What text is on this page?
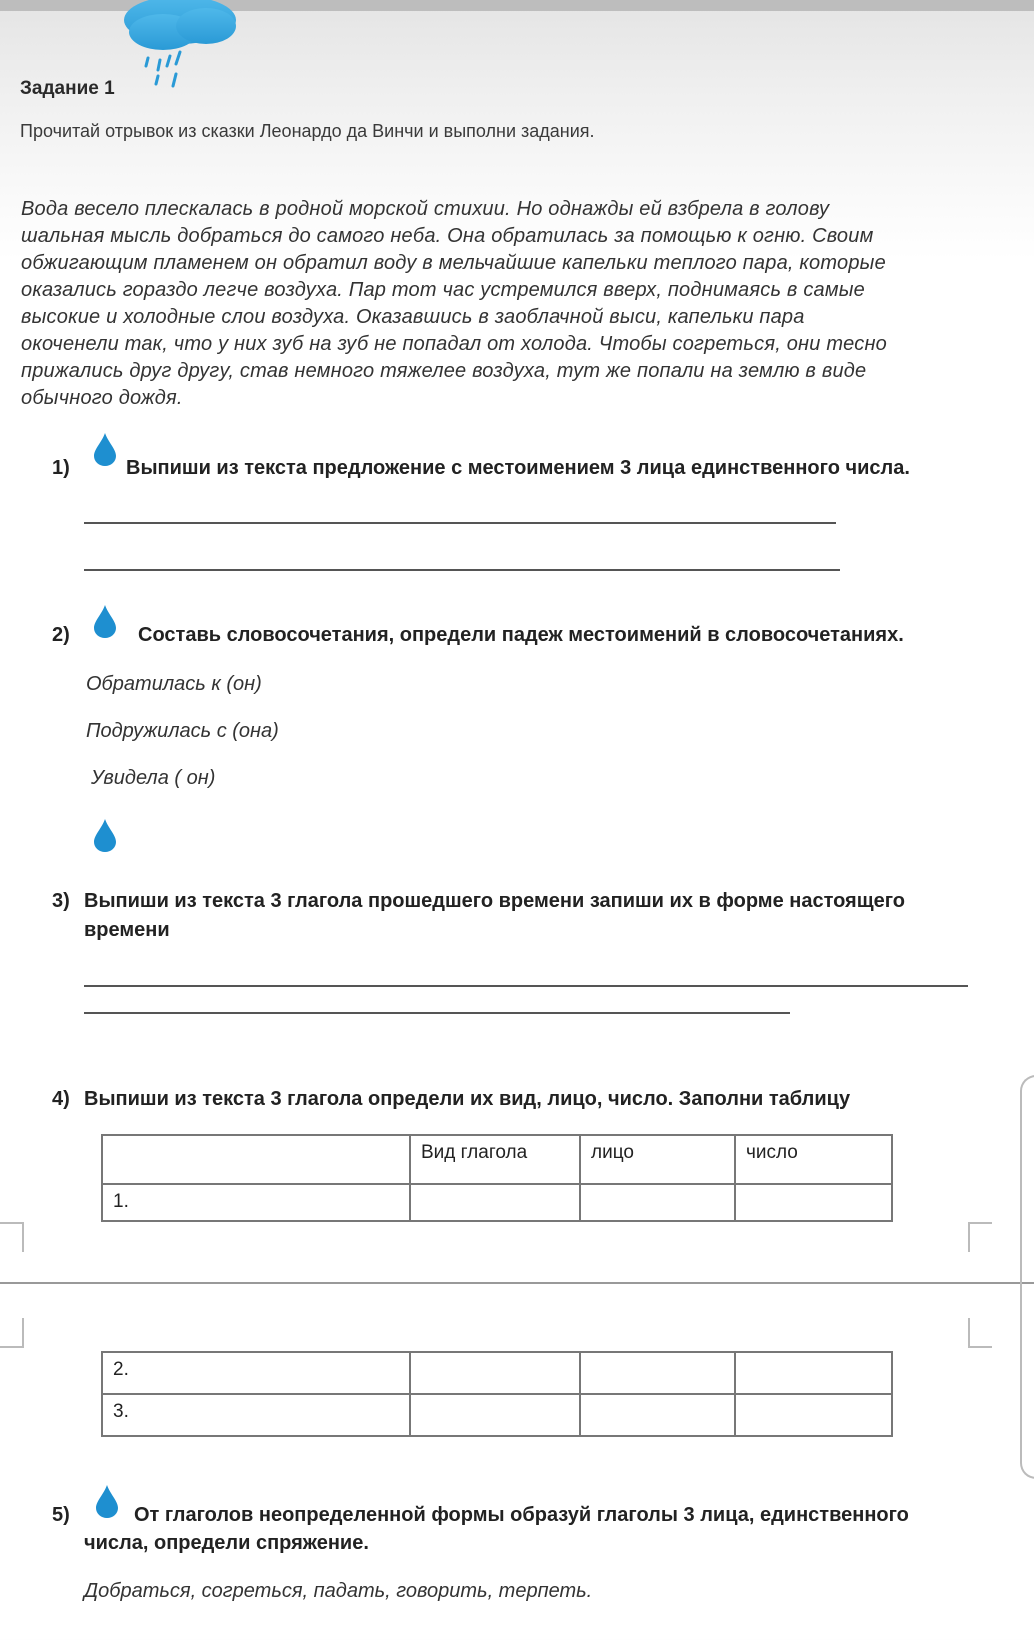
Задание 1
Прочитай отрывок из сказки Леонардо да Винчи и выполни задания.
Вода весело плескалась в родной морской стихии. Но однажды ей взбрела в голову
шальная мысль добраться до самого неба. Она обратилась за помощью к огню. Своим
обжигающим пламенем он обратил воду в мельчайшие капельки теплого пара, которые
оказались гораздо легче воздуха. Пар тот час устремился вверх, поднимаясь в самые
высокие и холодные слои воздуха. Оказавшись в заоблачной выси, капельки пара
окоченели так, что у них зуб на зуб не попадал от холода. Чтобы согреться, они тесно
прижались друг другу, став немного тяжелее воздуха, тут же попали на землю в виде
обычного дождя.
1)	Выпиши из текста предложение с местоимением 3 лица единственного числа.
2)	Составь словосочетания, определи падеж местоимений в словосочетаниях.
Обратилась к (он)
Подружилась с (она)
Увидела ( он)
3) Выпиши из текста 3 глагола прошедшего времени запиши их в форме настоящего
времени
4) Выпиши из текста 3 глагола определи их вид, лицо, число. Заполни таблицу
	Вид глагола	лицо	число
1.			
2.			
3.			
5)	От глаголов неопределенной формы образуй глаголы 3 лица, единственного
числа, определи спряжение.
Добраться, согреться, падать, говорить, терпеть.
